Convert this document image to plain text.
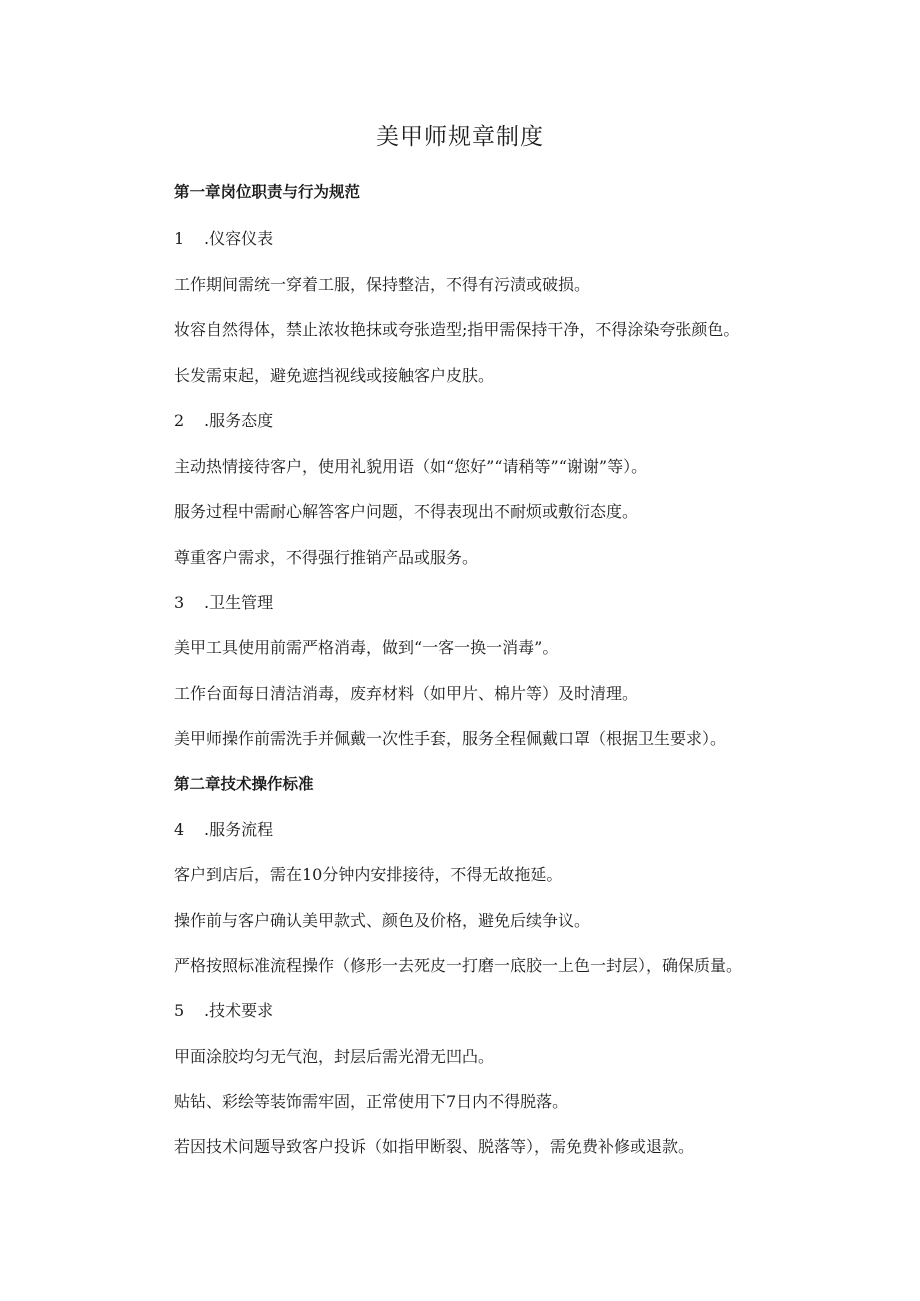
美甲师规章制度
第一章岗位职责与行为规范
1 .仪容仪表
工作期间需统一穿着工服，保持整洁，不得有污渍或破损。
妆容自然得体，禁止浓妆艳抹或夸张造型;指甲需保持干净，不得涂染夸张颜色。
长发需束起，避免遮挡视线或接触客户皮肤。
2 .服务态度
主动热情接待客户，使用礼貌用语（如“您好”“请稍等”“谢谢”等）。
服务过程中需耐心解答客户问题，不得表现出不耐烦或敷衍态度。
尊重客户需求，不得强行推销产品或服务。
3 .卫生管理
美甲工具使用前需严格消毒，做到“一客一换一消毒”。
工作台面每日清洁消毒，废弃材料（如甲片、棉片等）及时清理。
美甲师操作前需洗手并佩戴一次性手套，服务全程佩戴口罩（根据卫生要求）。
第二章技术操作标准
4 .服务流程
客户到店后，需在10分钟内安排接待，不得无故拖延。
操作前与客户确认美甲款式、颜色及价格，避免后续争议。
严格按照标准流程操作（修形一去死皮一打磨一底胶一上色一封层），确保质量。
5 .技术要求
甲面涂胶均匀无气泡，封层后需光滑无凹凸。
贴钻、彩绘等装饰需牢固，正常使用下7日内不得脱落。
若因技术问题导致客户投诉（如指甲断裂、脱落等），需免费补修或退款。
